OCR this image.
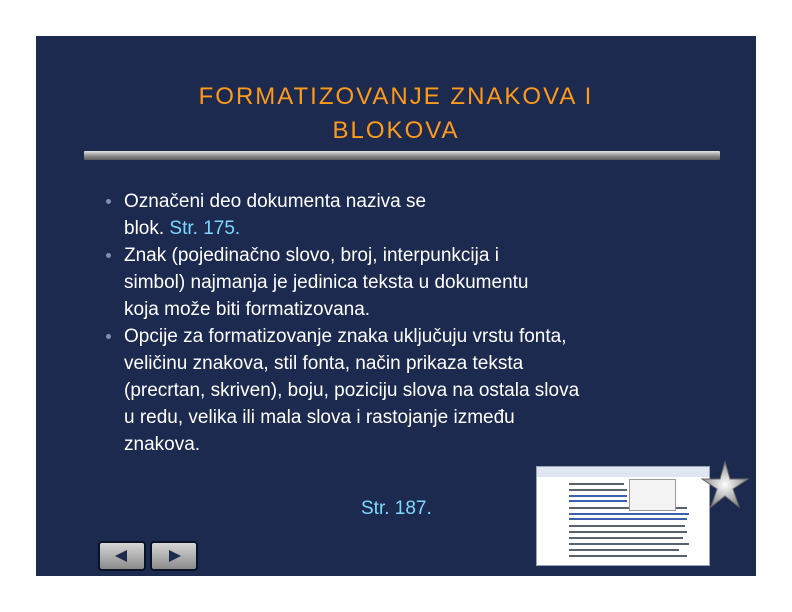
FORMATIZOVANJE ZNAKOVA I
BLOKOVA
Označeni deo dokumenta naziva se
blok. Str. 175.
Znak (pojedinačno slovo, broj, interpunkcija i
simbol) najmanja je jedinica teksta u dokumentu
koja može biti formatizovana.
Opcije za formatizovanje znaka uključuju vrstu fonta,
veličinu znakova, stil fonta, način prikaza teksta
(precrtan, skriven), boju, poziciju slova na ostala slova
u redu, velika ili mala slova i rastojanje između
znakova.
Str. 187.
